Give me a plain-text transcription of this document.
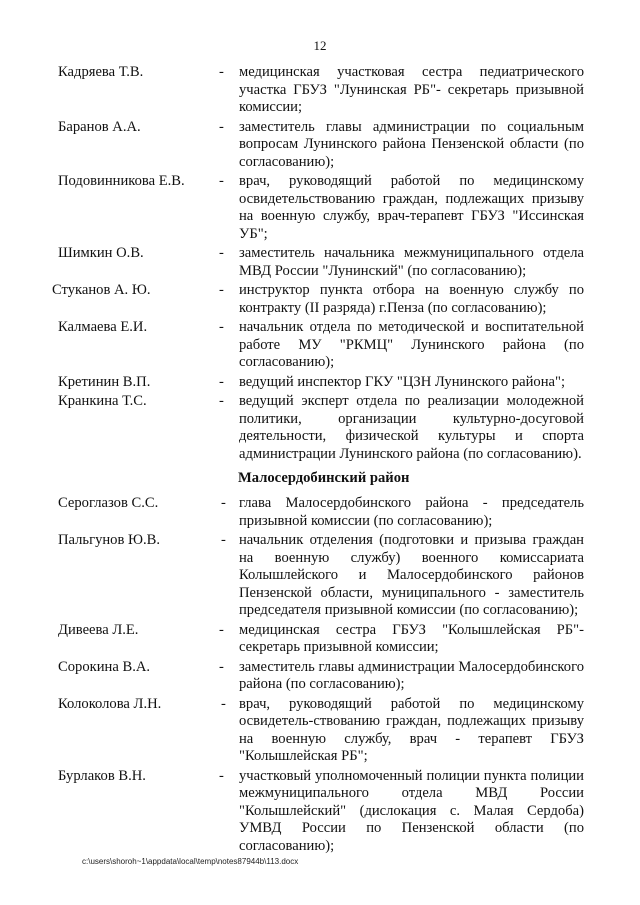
12
Кадряева Т.В.	- медицинская участковая сестра педиатрического участка ГБУЗ "Лунинская РБ"- секретарь призывной комиссии;
Баранов А.А.	- заместитель главы администрации по социальным вопросам Лунинского района Пензенской области (по согласованию);
Подовинникова Е.В. - врач, руководящий работой по медицинскому освидетельствованию граждан, подлежащих призыву на военную службу, врач-терапевт ГБУЗ "Иссинская УБ";
Шимкин О.В.	- заместитель начальника межмуниципального отдела МВД России "Лунинский" (по согласованию);
Стуканов А. Ю.	- инструктор пункта отбора на военную службу по контракту (II разряда) г.Пенза (по согласованию);
Калмаева Е.И.	- начальник отдела по методической и воспитательной работе МУ "РКМЦ" Лунинского района (по согласованию);
Кретинин В.П.	- ведущий инспектор ГКУ "ЦЗН Лунинского района";
Кранкина Т.С.	- ведущий эксперт отдела по реализации молодежной политики, организации культурно-досуговой деятельности, физической культуры и спорта администрации Лунинского района (по согласованию).
Малосердобинский район
Сероглазов С.С.	- глава Малосердобинского района - председатель призывной комиссии (по согласованию);
Пальгунов Ю.В.	- начальник отделения (подготовки и призыва граждан на военную службу) военного комиссариата Колышлейского и Малосердобинского районов Пензенской области, муниципального - заместитель председателя призывной комиссии (по согласованию);
Дивеева Л.Е.	- медицинская сестра ГБУЗ "Колышлейская РБ"- секретарь призывной комиссии;
Сорокина В.А.	- заместитель главы администрации Малосердобинского района (по согласованию);
Колоколова Л.Н.	- врач, руководящий работой по медицинскому освидетель-ствованию граждан, подлежащих призыву на военную службу, врач - терапевт ГБУЗ "Колышлейская РБ";
Бурлаков В.Н.	- участковый уполномоченный полиции пункта полиции межмуниципального отдела МВД России "Колышлейский" (дислокация с. Малая Сердоба) УМВД России по Пензенской области (по согласованию);
c:\users\shoroh~1\appdata\local\temp\notes87944b\113.docx
